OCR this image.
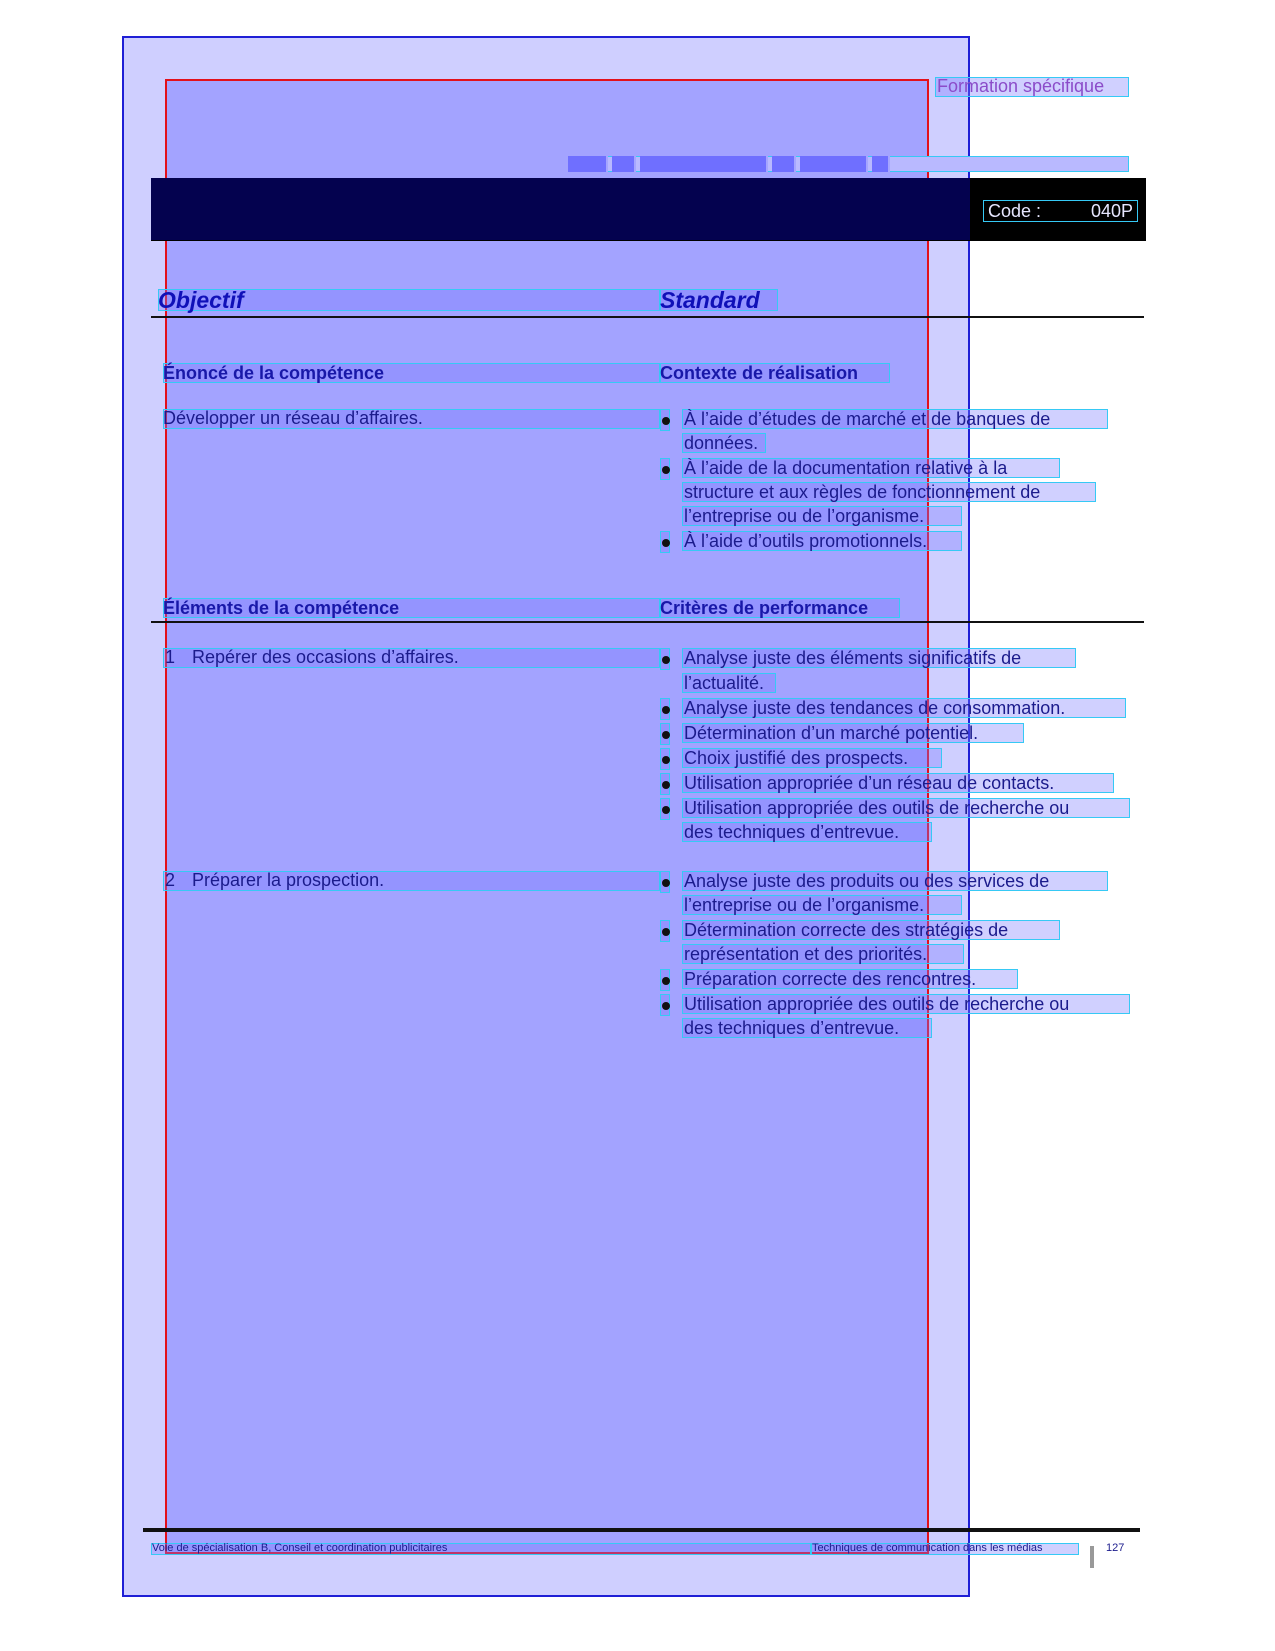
Formation spécifique
Code :	040P
Objectif	Standard
Énoncé de la compétence	Contexte de réalisation
Développer un réseau d’affaires.	À l’aide d’études de marché et de banques de
données.
À l’aide de la documentation relative à la
structure et aux règles de fonctionnement de
l’entreprise ou de l’organisme.
À l’aide d’outils promotionnels.
Éléments de la compétence	Critères de performance
1 Repérer des occasions d’affaires.	Analyse juste des éléments significatifs de
l’actualité.
Analyse juste des tendances de consommation.
Détermination d’un marché potentiel.
Choix justifié des prospects.
Utilisation appropriée d’un réseau de contacts.
Utilisation appropriée des outils de recherche ou
des techniques d’entrevue.
2 Préparer la prospection.	Analyse juste des produits ou des services de
l’entreprise ou de l’organisme.
Détermination correcte des stratégies de
représentation et des priorités.
Préparation correcte des rencontres.
Utilisation appropriée des outils de recherche ou
des techniques d’entrevue.
Voie de spécialisation B, Conseil et coordination publicitaires	Techniques de communication dans les médias	127
